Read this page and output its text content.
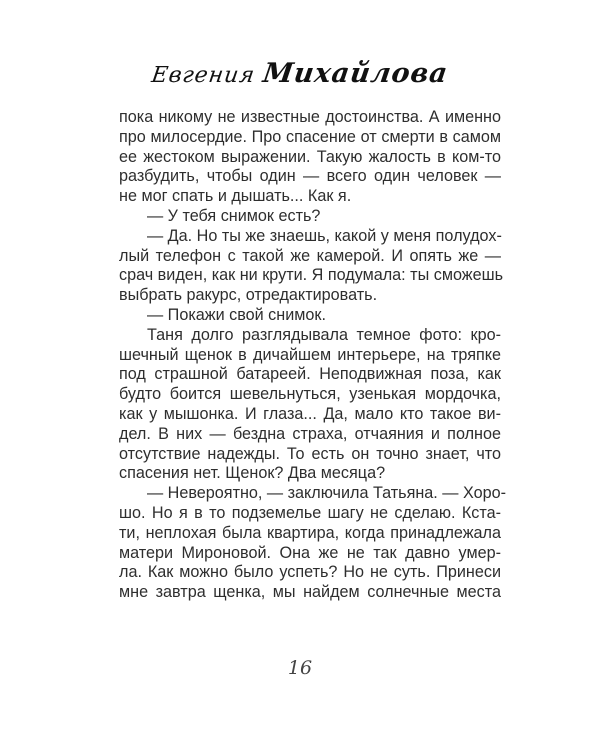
Евгения Михайлова
пока никому не известные достоинства. А именно
про милосердие. Про спасение от смерти в самом
ее жестоком выражении. Такую жалость в ком-то
разбудить, чтобы один — всего один человек —
не мог спать и дышать... Как я.
— У тебя снимок есть?
— Да. Но ты же знаешь, какой у меня полудох-
лый телефон с такой же камерой. И опять же —
срач виден, как ни крути. Я подумала: ты сможешь
выбрать ракурс, отредактировать.
— Покажи свой снимок.
Таня долго разглядывала темное фото: кро-
шечный щенок в дичайшем интерьере, на тряпке
под страшной батареей. Неподвижная поза, как
будто боится шевельнуться, узенькая мордочка,
как у мышонка. И глаза... Да, мало кто такое ви-
дел. В них — бездна страха, отчаяния и полное
отсутствие надежды. То есть он точно знает, что
спасения нет. Щенок? Два месяца?
— Невероятно, — заключила Татьяна. — Хоро-
шо. Но я в то подземелье шагу не сделаю. Кста-
ти, неплохая была квартира, когда принадлежала
матери Мироновой. Она же не так давно умер-
ла. Как можно было успеть? Но не суть. Принеси
мне завтра щенка, мы найдем солнечные места
16
